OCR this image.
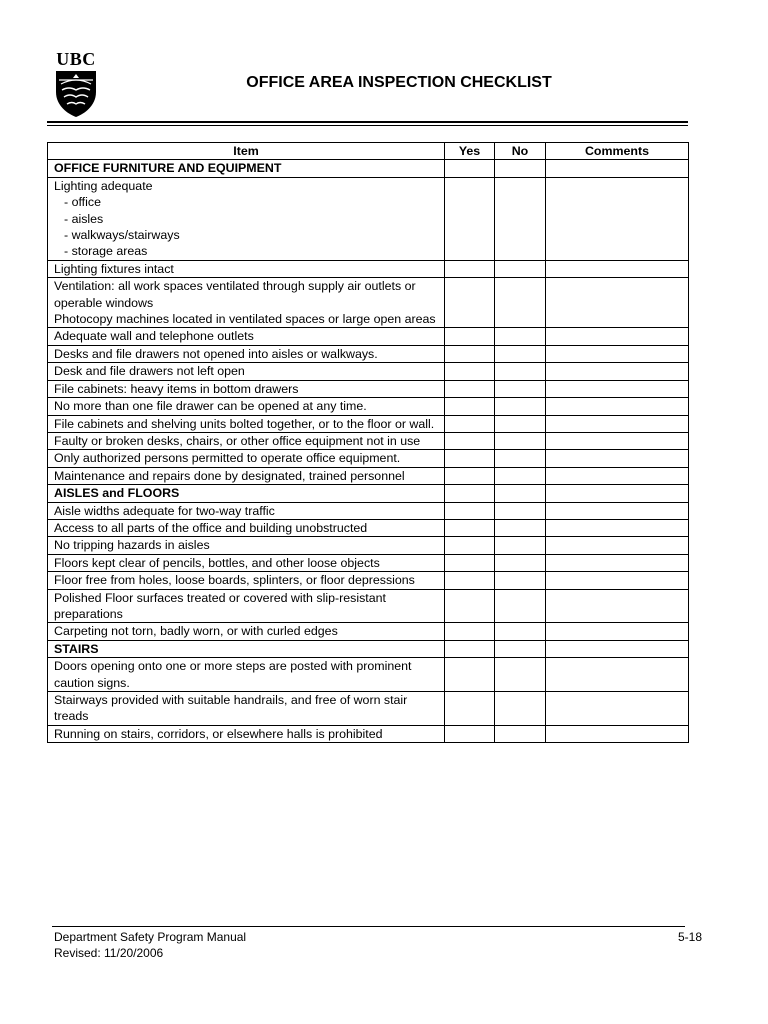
UBC
OFFICE AREA INSPECTION CHECKLIST
Item	Yes	No	Comments
OFFICE FURNITURE AND EQUIPMENT			
Lighting adequate
- office
- aisles
- walkways/stairways
- storage areas			

Lighting fixtures intact			
Ventilation: all work spaces ventilated through supply air outlets or operable windows
Photocopy machines located in ventilated spaces or large open areas			
Adequate wall and telephone outlets			
Desks and file drawers not opened into aisles or walkways.			
Desk and file drawers not left open			
File cabinets: heavy items in bottom drawers			
No more than one file drawer can be opened at any time.			
File cabinets and shelving units bolted together, or to the floor or wall.			
Faulty or broken desks, chairs, or other office equipment not in use			
Only authorized persons permitted to operate office equipment.			
Maintenance and repairs done by designated, trained personnel			
AISLES and FLOORS			
Aisle widths adequate for two-way traffic			
Access to all parts of the office and building unobstructed			
No tripping hazards in aisles			
Floors kept clear of pencils, bottles, and other loose objects			
Floor free from holes, loose boards, splinters, or floor depressions			
Polished Floor surfaces treated or covered with slip-resistant preparations			
Carpeting not torn, badly worn, or with curled edges			
STAIRS			
Doors opening onto one or more steps are posted with prominent caution signs.			
Stairways provided with suitable handrails, and free of worn stair treads			
Running on stairs, corridors, or elsewhere halls is prohibited			
Department Safety Program Manual
Revised: 11/20/2006
5-18
